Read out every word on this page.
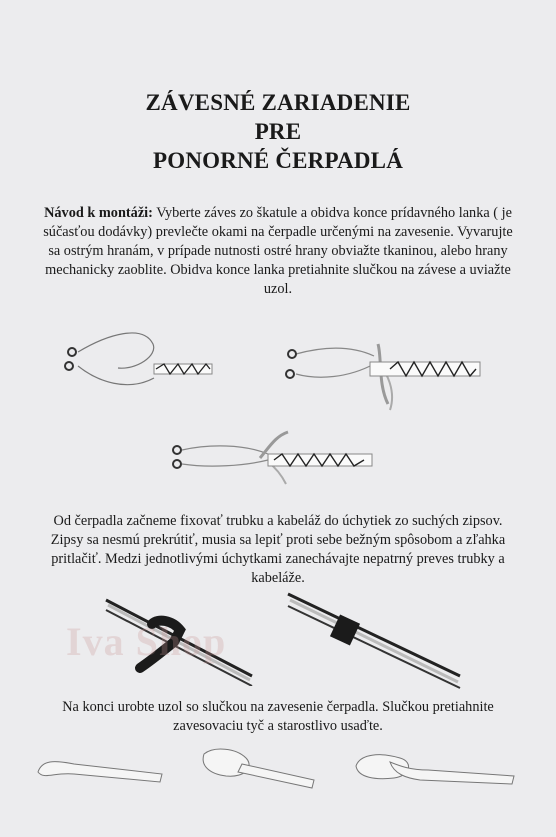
ZÁVESNÉ ZARIADENIE
PRE
PONORNÉ ČERPADLÁ
Návod k montáži: Vyberte záves zo škatule a obidva konce prídavného lanka ( je súčasťou dodávky) prevlečte okami na čerpadle určenými na zavesenie. Vyvarujte sa ostrým hranám, v prípade nutnosti ostré hrany obviažte tkaninou, alebo hrany mechanicky zaoblite. Obidva konce lanka pretiahnite slučkou na závese a uviažte uzol.
Od čerpadla začneme fixovať trubku a kabeláž do úchytiek zo suchých zipsov. Zipsy sa nesmú prekrútiť, musia sa lepiť proti sebe bežným spôsobom a zľahka pritlačiť. Medzi jednotlivými úchytkami zanechávajte nepatrný preves trubky a kabeláže.
Iva Shop
Na konci urobte uzol so slučkou na zavesenie čerpadla. Slučkou pretiahnite zavesovaciu tyč a starostlivo usaďte.
